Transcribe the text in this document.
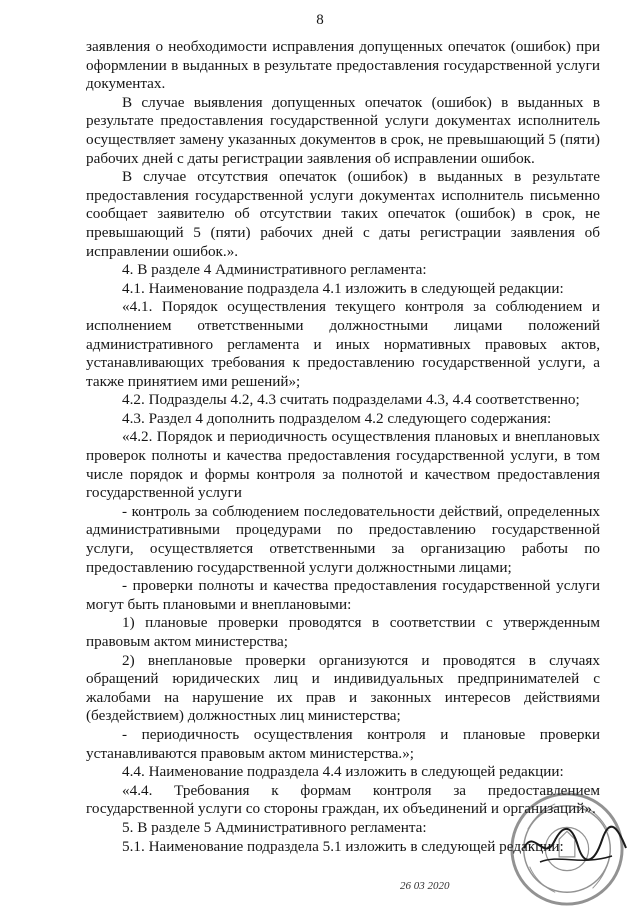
8

заявления о необходимости исправления допущенных опечаток (ошибок) при оформлении в выданных в результате предоставления государственной услуги документах.

В случае выявления допущенных опечаток (ошибок) в выданных в результате предоставления государственной услуги документах исполнитель осуществляет замену указанных документов в срок, не превышающий 5 (пяти) рабочих дней с даты регистрации заявления об исправлении ошибок.

В случае отсутствия опечаток (ошибок) в выданных в результате предоставления государственной услуги документах исполнитель письменно сообщает заявителю об отсутствии таких опечаток (ошибок) в срок, не превышающий 5 (пяти) рабочих дней с даты регистрации заявления об исправлении ошибок.».

4. В разделе 4 Административного регламента:

4.1. Наименование подраздела 4.1 изложить в следующей редакции:

«4.1. Порядок осуществления текущего контроля за соблюдением и исполнением ответственными должностными лицами положений административного регламента и иных нормативных правовых актов, устанавливающих требования к предоставлению государственной услуги, а также принятием ими решений»;

4.2. Подразделы 4.2, 4.3 считать подразделами 4.3, 4.4 соответственно;

4.3. Раздел 4 дополнить подразделом 4.2 следующего содержания:

«4.2. Порядок и периодичность осуществления плановых и внеплановых проверок полноты и качества предоставления государственной услуги, в том числе порядок и формы контроля за полнотой и качеством предоставления государственной услуги

- контроль за соблюдением последовательности действий, определенных административными процедурами по предоставлению государственной услуги, осуществляется ответственными за организацию работы по предоставлению государственной услуги должностными лицами;

- проверки полноты и качества предоставления государственной услуги могут быть плановыми и внеплановыми:

1) плановые проверки проводятся в соответствии с утвержденным правовым актом министерства;

2) внеплановые проверки организуются и проводятся в случаях обращений юридических лиц и индивидуальных предпринимателей с жалобами на нарушение их прав и законных интересов действиями (бездействием) должностных лиц министерства;

- периодичность осуществления контроля и плановые проверки устанавливаются правовым актом министерства.»;

4.4. Наименование подраздела 4.4 изложить в следующей редакции:

«4.4. Требования к формам контроля за предоставлением государственной услуги со стороны граждан, их объединений и организаций».

5. В разделе 5 Административного регламента:

5.1. Наименование подраздела 5.1 изложить в следующей редакции:

26 03 2020
